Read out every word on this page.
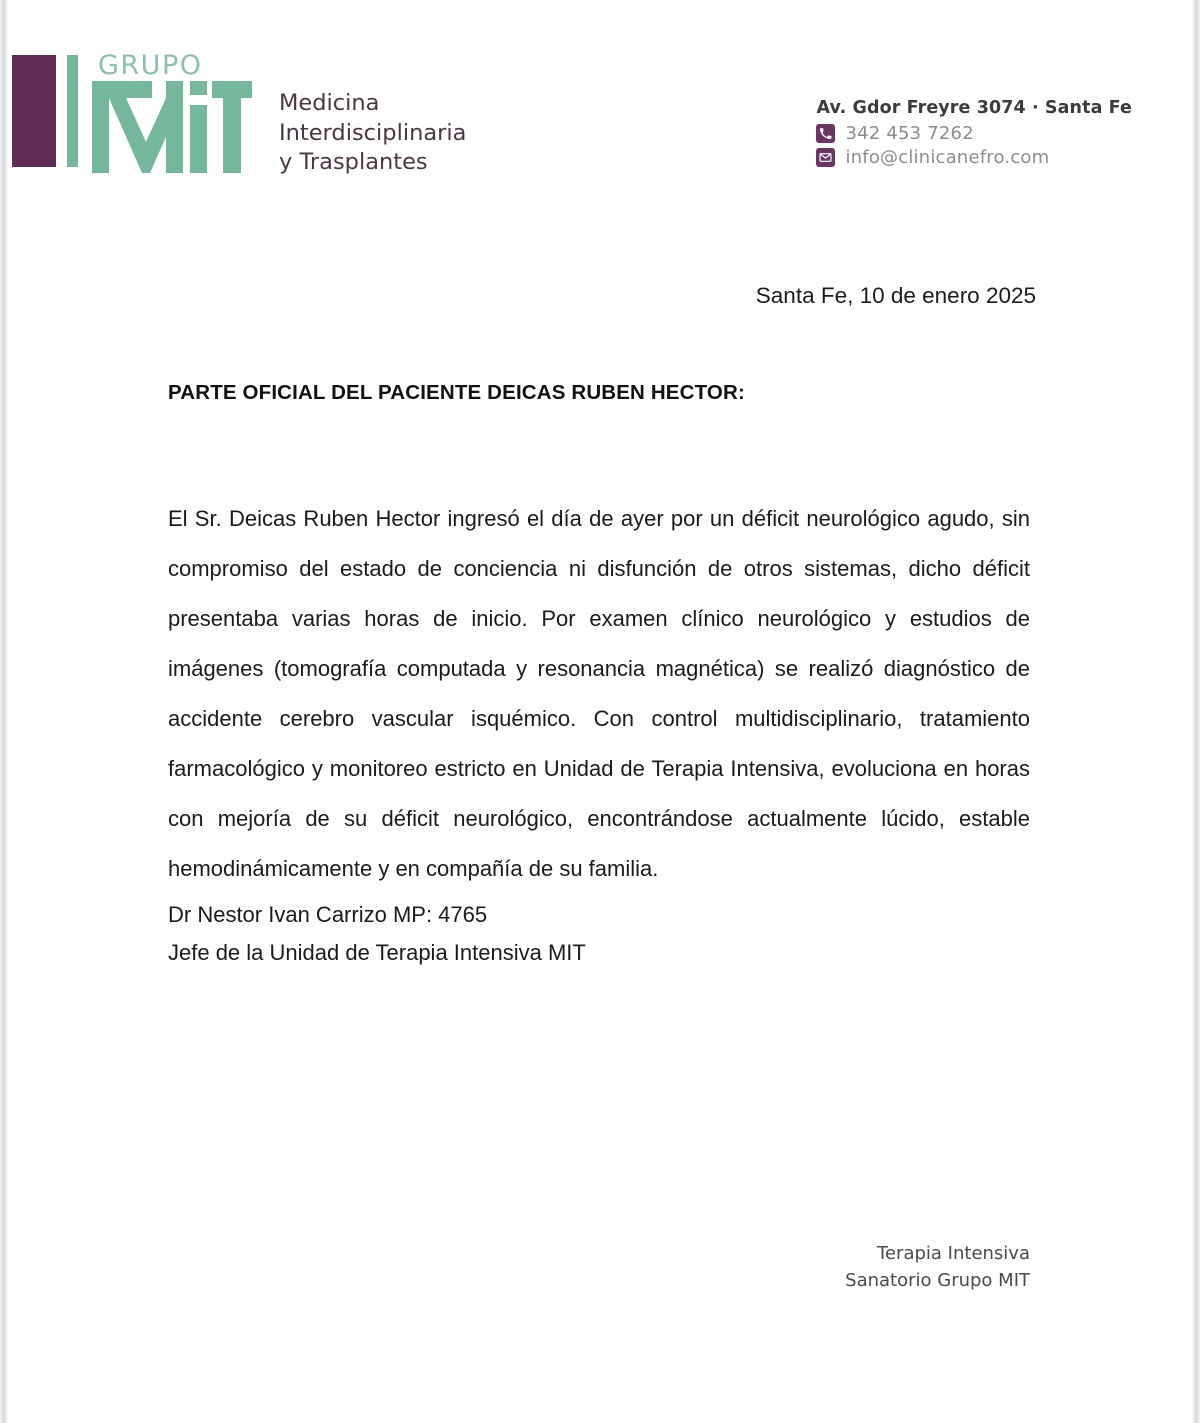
GRUPO
Medicina
Interdisciplinaria
y Trasplantes
Av. Gdor Freyre 3074 · Santa Fe
342 453 7262
info@clinicanefro.com
Santa Fe, 10 de enero 2025
PARTE OFICIAL DEL PACIENTE DEICAS RUBEN HECTOR:
El Sr. Deicas Ruben Hector ingresó el día de ayer por un déficit neurológico agudo, sin compromiso del estado de conciencia ni disfunción de otros sistemas, dicho déficit presentaba varias horas de inicio. Por examen clínico neurológico y estudios de imágenes (tomografía computada y resonancia magnética) se realizó diagnóstico de accidente cerebro vascular isquémico. Con control multidisciplinario, tratamiento farmacológico y monitoreo estricto en Unidad de Terapia Intensiva, evoluciona en horas con mejoría de su déficit neurológico, encontrándose actualmente lúcido, estable hemodinámicamente y en compañía de su familia.
Dr Nestor Ivan Carrizo MP: 4765
Jefe de la Unidad de Terapia Intensiva MIT
Terapia Intensiva
Sanatorio Grupo MIT
